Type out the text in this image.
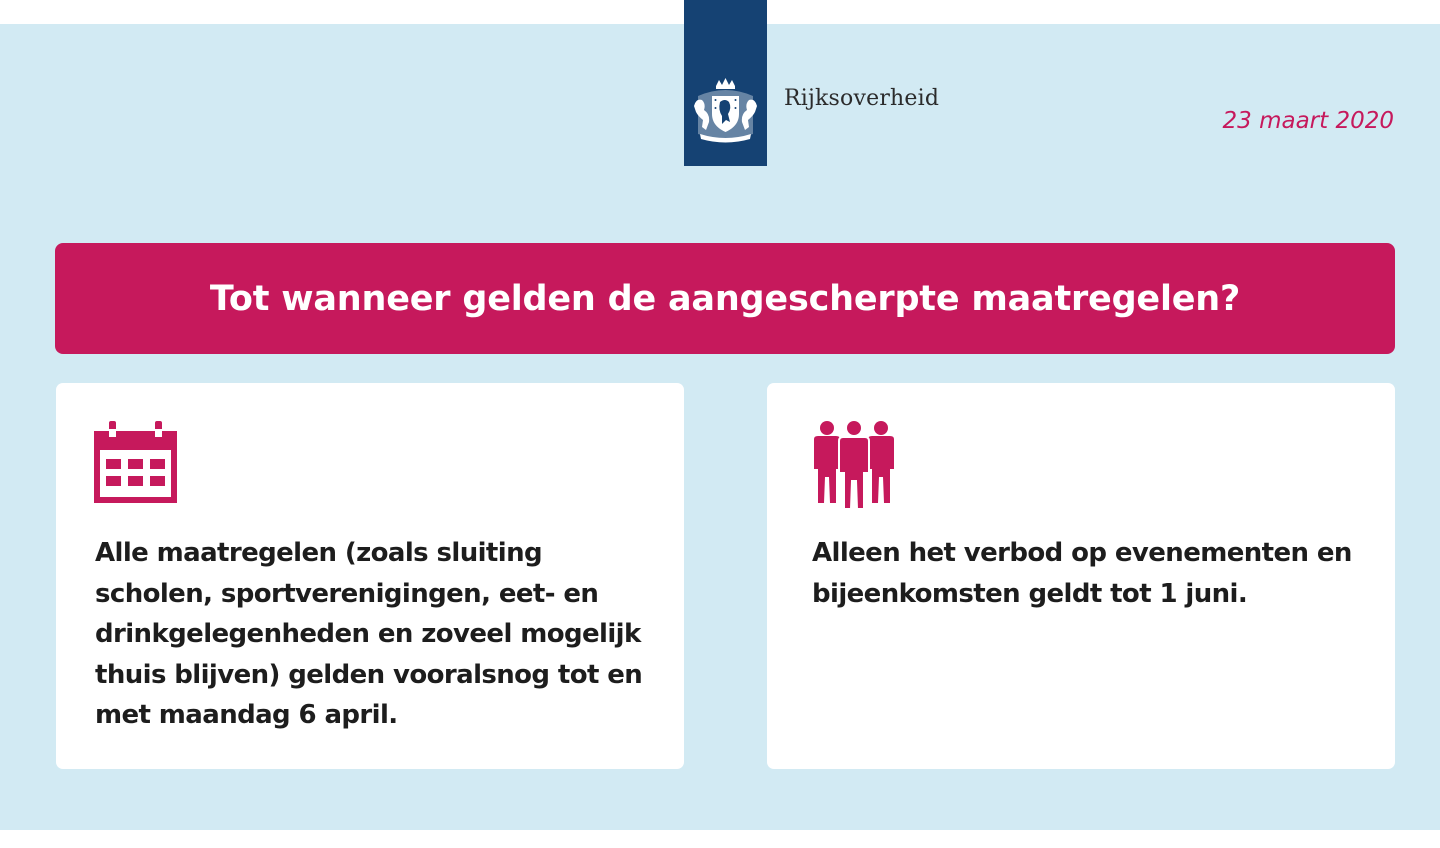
Rijksoverheid
23 maart 2020
Tot wanneer gelden de aangescherpte maatregelen?
Alle maatregelen (zoals sluiting
scholen, sportverenigingen, eet- en
drinkgelegenheden en zoveel mogelijk
thuis blijven) gelden vooralsnog tot en
met maandag 6 april.
Alleen het verbod op evenementen en
bijeenkomsten geldt tot 1 juni.
